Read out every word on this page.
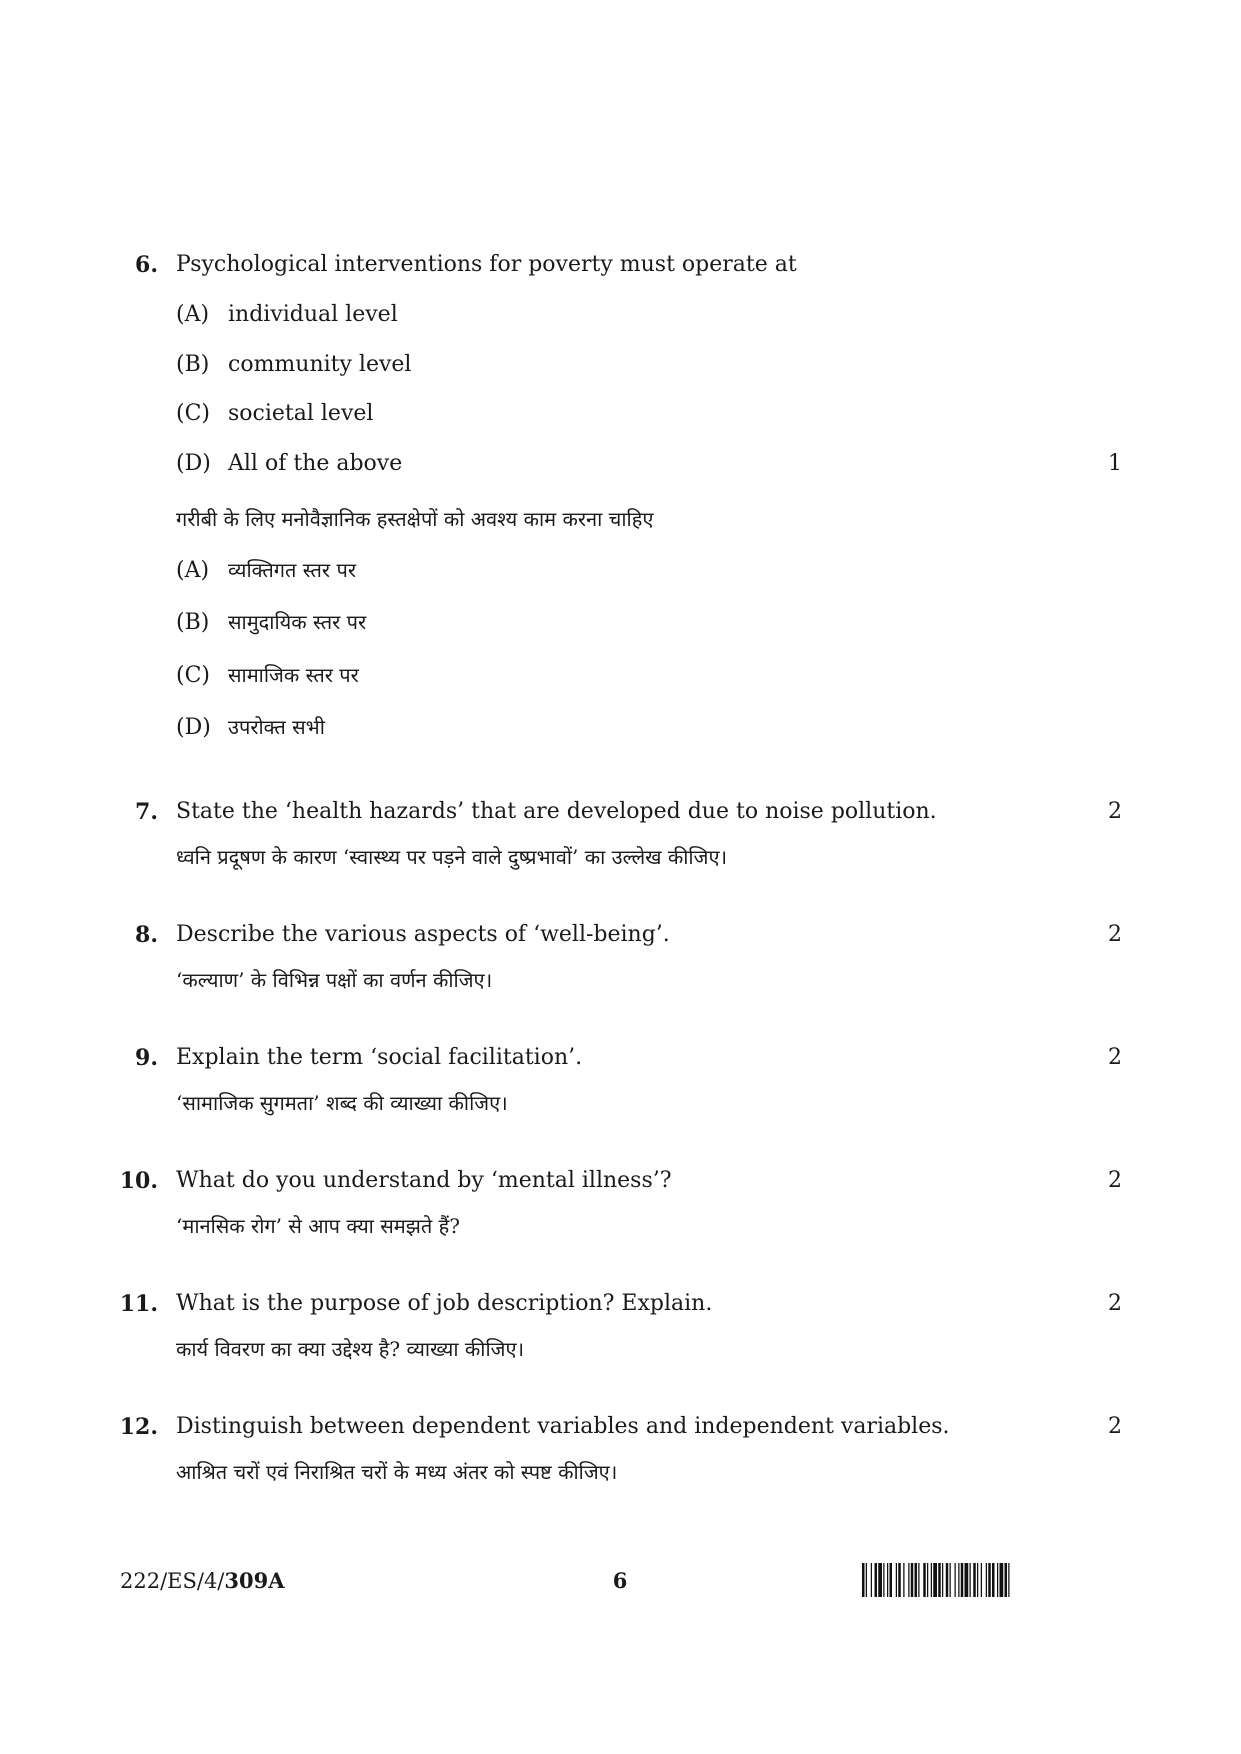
6. Psychological interventions for poverty must operate at
(A) individual level
(B) community level
(C) societal level
(D) All of the above	1
गरीबी के लिए मनोवैज्ञानिक हस्तक्षेपों को अवश्य काम करना चाहिए
(A) व्यक्तिगत स्तर पर
(B) सामुदायिक स्तर पर
(C) सामाजिक स्तर पर
(D) उपरोक्त सभी
7. State the ‘health hazards’ that are developed due to noise pollution.	2
ध्वनि प्रदूषण के कारण ‘स्वास्थ्य पर पड़ने वाले दुष्प्रभावों’ का उल्लेख कीजिए।
8. Describe the various aspects of ‘well-being’.	2
‘कल्याण’ के विभिन्न पक्षों का वर्णन कीजिए।
9. Explain the term ‘social facilitation’.	2
‘सामाजिक सुगमता’ शब्द की व्याख्या कीजिए।
10. What do you understand by ‘mental illness’?	2
‘मानसिक रोग’ से आप क्या समझते हैं?
11. What is the purpose of job description? Explain.	2
कार्य विवरण का क्या उद्देश्य है? व्याख्या कीजिए।
12. Distinguish between dependent variables and independent variables.	2
आश्रित चरों एवं निराश्रित चरों के मध्य अंतर को स्पष्ट कीजिए।
222/ES/4/309A	6
